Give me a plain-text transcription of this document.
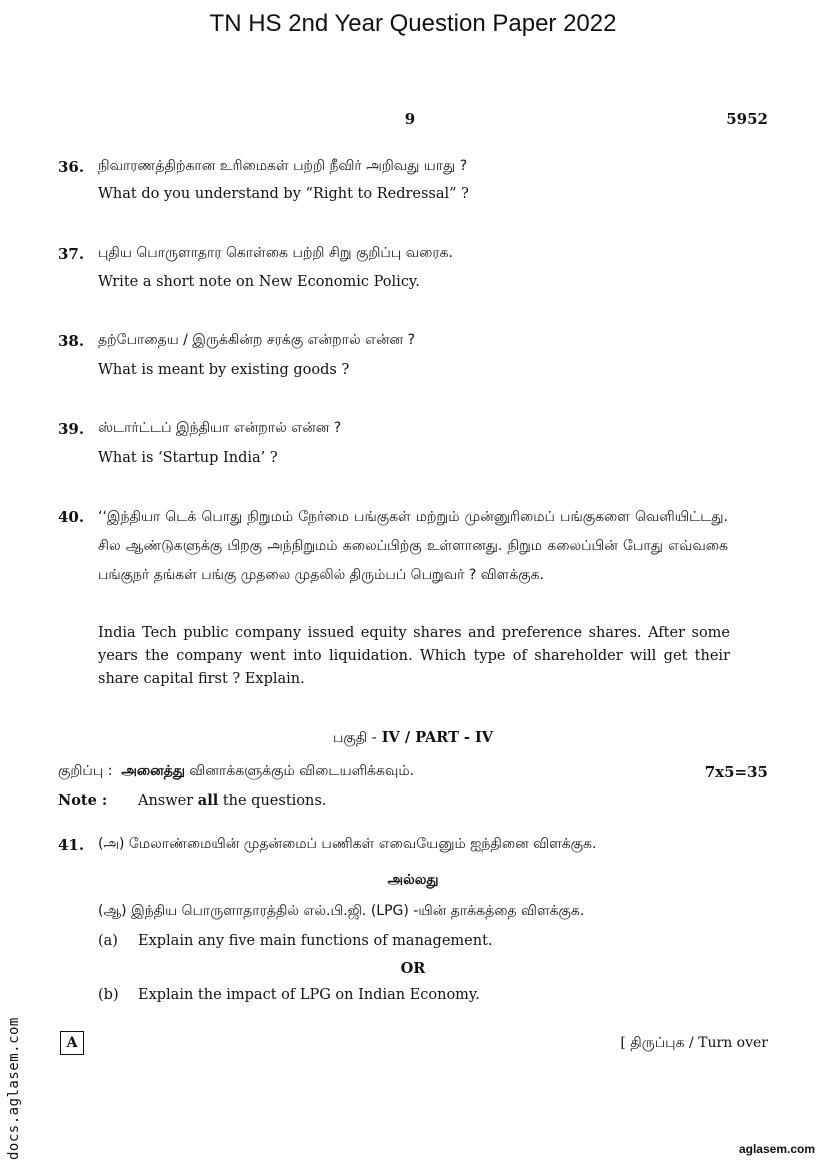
TN HS 2nd Year Question Paper 2022
9	5952
36. நிவாரணத்திற்கான உரிமைகள் பற்றி நீவிர் அறிவது யாது ?
What do you understand by “Right to Redressal” ?
37. புதிய பொருளாதார கொள்கை பற்றி சிறு குறிப்பு வரைக.
Write a short note on New Economic Policy.
38. தற்போதைய / இருக்கின்ற சரக்கு என்றால் என்ன ?
What is meant by existing goods ?
39. ஸ்டார்ட்டப் இந்தியா என்றால் என்ன ?
What is ‘Startup India’ ?
40. ‘‘இந்தியா டெக் பொது நிறுமம் நேர்மை பங்குகள் மற்றும் முன்னுரிமைப் பங்குகளை வெளியிட்டது. சில ஆண்டுகளுக்கு பிறகு அந்நிறுமம் கலைப்பிற்கு உள்ளானது. நிறும கலைப்பின் போது எவ்வகை பங்குநர் தங்கள் பங்கு முதலை முதலில் திரும்பப் பெறுவர் ? விளக்குக.
India Tech public company issued equity shares and preference shares. After some years the company went into liquidation. Which type of shareholder will get their share capital first ? Explain.
பகுதி - IV / PART - IV
குறிப்பு : அனைத்து வினாக்களுக்கும் விடையளிக்கவும்.	7x5=35
Note : Answer all the questions.
41. (அ) மேலாண்மையின் முதன்மைப் பணிகள் எவையேனும் ஐந்தினை விளக்குக.
அல்லது
(ஆ) இந்திய பொருளாதாரத்தில் எல்.பி.ஜி. (LPG) -யின் தாக்கத்தை விளக்குக.
(a) Explain any five main functions of management.
OR
(b) Explain the impact of LPG on Indian Economy.
A	[ திருப்புக / Turn over
docs.aglasem.com	aglasem.com
